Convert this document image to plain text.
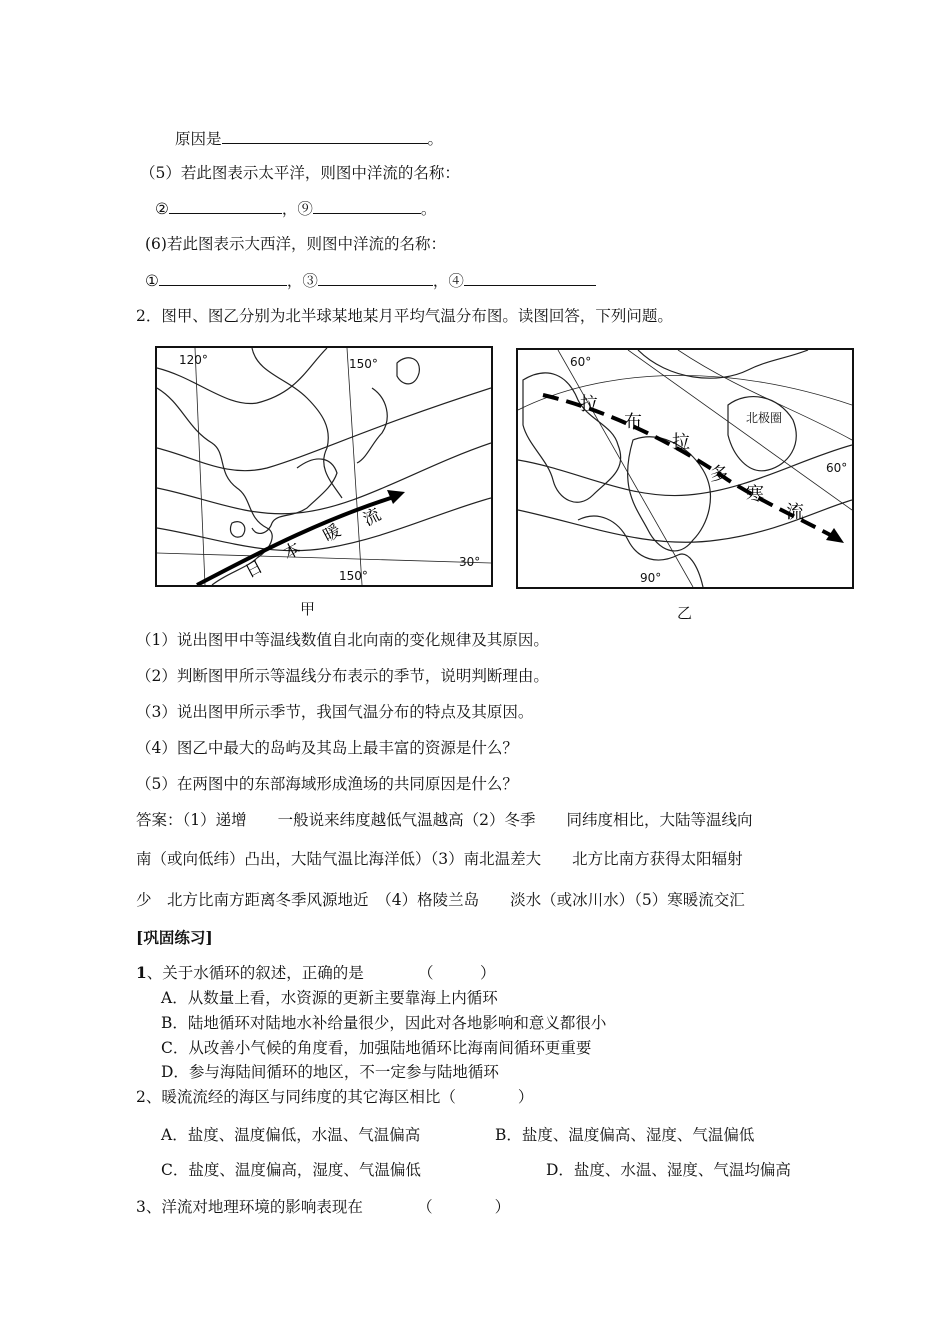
原因是	。
（5）若此图表示太平洋，则图中洋流的名称：
②	，⑨	。
(6)若此图表示大西洋，则图中洋流的名称：
①	，③	，④
2．图甲、图乙分别为北半球某地某月平均气温分布图。读图回答，下列问题。
120°	150°
150°
30°
日
本
暖
流
甲
60°
60°
90°
北极圈
拉
布
拉
多
寒
流
乙
（1）说出图甲中等温线数值自北向南的变化规律及其原因。
（2）判断图甲所示等温线分布表示的季节，说明判断理由。
（3）说出图甲所示季节，我国气温分布的特点及其原因。
（4）图乙中最大的岛屿及其岛上最丰富的资源是什么？
（5）在两图中的东部海域形成渔场的共同原因是什么？
答案：（1）递增　　一般说来纬度越低气温越高（2）冬季　　同纬度相比，大陆等温线向
南（或向低纬）凸出，大陆气温比海洋低）（3）南北温差大　　北方比南方获得太阳辐射
少　北方比南方距离冬季风源地近　（4）格陵兰岛　　淡水（或冰川水）（5）寒暖流交汇
[巩固练习]
1、关于水循环的叙述，正确的是　　　　（　　　）
A．从数量上看，水资源的更新主要靠海上内循环
B．陆地循环对陆地水补给量很少，因此对各地影响和意义都很小
C．从改善小气候的角度看，加强陆地循环比海南间循环更重要
D．参与海陆间循环的地区，不一定参与陆地循环
2、暖流流经的海区与同纬度的其它海区相比（　　　　）
A．盐度、温度偏低，水温、气温偏高	B．盐度、温度偏高、湿度、气温偏低
C．盐度、温度偏高，湿度、气温偏低	D．盐度、水温、湿度、气温均偏高
3、洋流对地理环境的影响表现在　　　　（　　　　）
